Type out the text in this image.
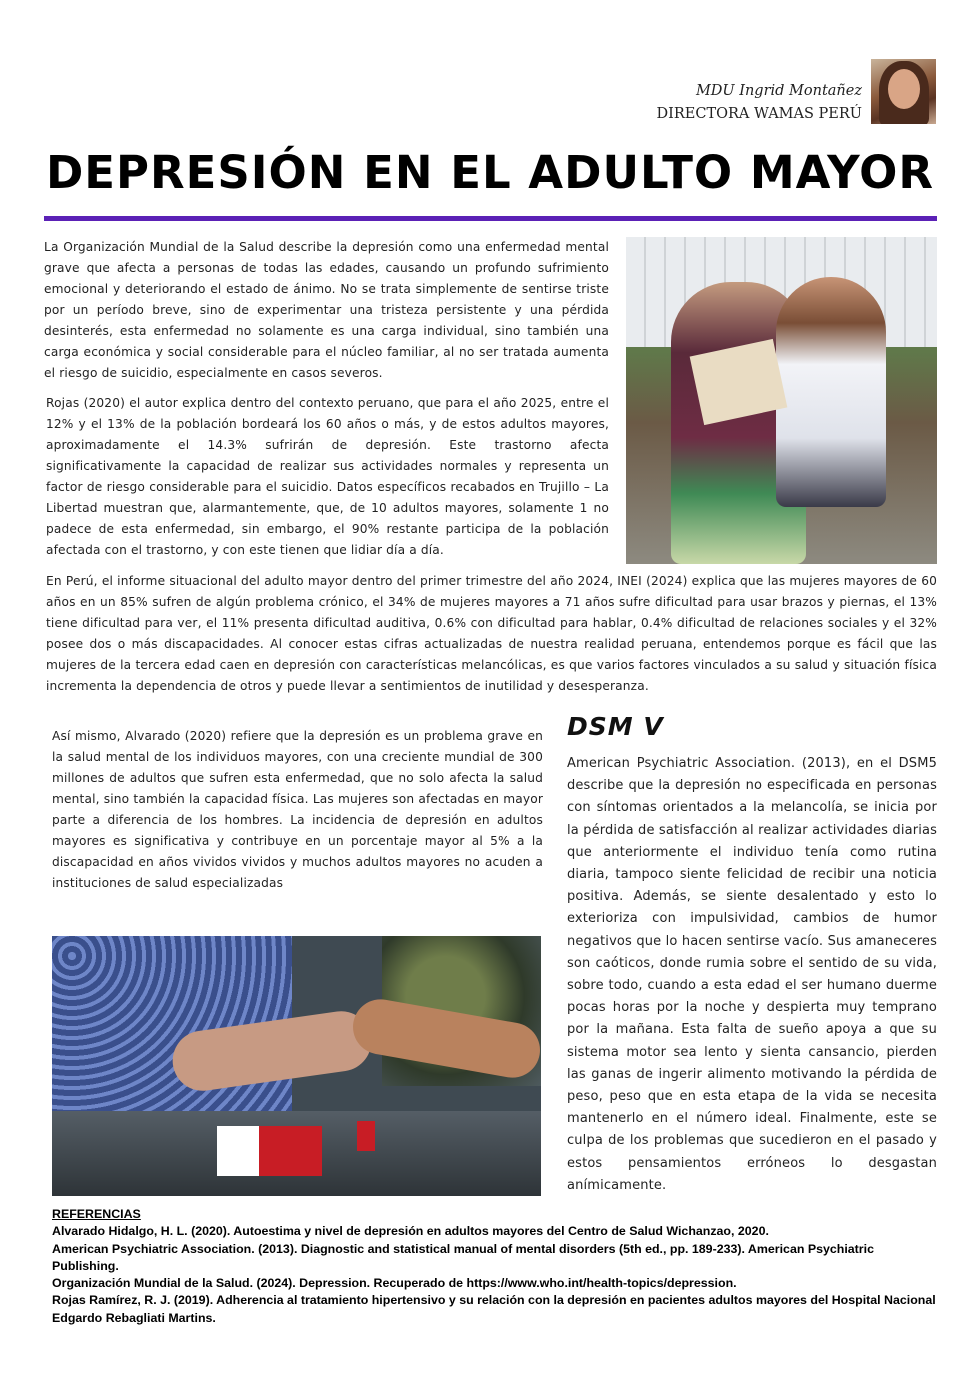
MDU Ingrid Montañez
DIRECTORA WAMAS PERÚ
DEPRESIÓN EN EL ADULTO MAYOR

La Organización Mundial de la Salud describe la depresión como una enfermedad mental grave que afecta a personas de todas las edades, causando un profundo sufrimiento emocional y deteriorando el estado de ánimo. No se trata simplemente de sentirse triste por un período breve, sino de experimentar una tristeza persistente y una pérdida desinterés, esta enfermedad no solamente es una carga individual, sino también una carga económica y social considerable para el núcleo familiar, al no ser tratada aumenta el riesgo de suicidio, especialmente en casos severos.

Rojas (2020) el autor explica dentro del contexto peruano, que para el año 2025, entre el 12% y el 13% de la población bordeará los 60 años o más, y de estos adultos mayores, aproximadamente el 14.3% sufrirán de depresión. Este trastorno afecta significativamente la capacidad de realizar sus actividades normales y representa un factor de riesgo considerable para el suicidio. Datos específicos recabados en Trujillo – La Libertad muestran que, alarmantemente, que, de 10 adultos mayores, solamente 1 no padece de esta enfermedad, sin embargo, el 90% restante participa de la población afectada con el trastorno, y con este tienen que lidiar día a día.

En Perú, el informe situacional del adulto mayor dentro del primer trimestre del año 2024, INEI (2024) explica que las mujeres mayores de 60 años en un 85% sufren de algún problema crónico, el 34% de mujeres mayores a 71 años sufre dificultad para usar brazos y piernas, el 13% tiene dificultad para ver, el 11% presenta dificultad auditiva, 0.6% con dificultad para hablar, 0.4% dificultad de relaciones sociales y el 32% posee dos o más discapacidades. Al conocer estas cifras actualizadas de nuestra realidad peruana, entendemos porque es fácil que las mujeres de la tercera edad caen en depresión con características melancólicas, es que varios factores vinculados a su salud y situación física incrementa la dependencia de otros y puede llevar a sentimientos de inutilidad y desesperanza.

Así mismo, Alvarado (2020) refiere que la depresión es un problema grave en la salud mental de los individuos mayores, con una creciente mundial de 300 millones de adultos que sufren esta enfermedad, que no solo afecta la salud mental, sino también la capacidad física. Las mujeres son afectadas en mayor parte a diferencia de los hombres. La incidencia de depresión en adultos mayores es significativa y contribuye en un porcentaje mayor al 5% a la discapacidad en años vividos vividos y muchos adultos mayores no acuden a instituciones de salud especializadas

DSM V

American Psychiatric Association. (2013), en el DSM5 describe que la depresión no especificada en personas con síntomas orientados a la melancolía, se inicia por la pérdida de satisfacción al realizar actividades diarias que anteriormente el individuo tenía como rutina diaria, tampoco siente felicidad de recibir una noticia positiva. Además, se siente desalentado y esto lo exterioriza con impulsividad, cambios de humor negativos que lo hacen sentirse vacío. Sus amaneceres son caóticos, donde rumia sobre el sentido de su vida, sobre todo, cuando a esta edad el ser humano duerme pocas horas por la noche y despierta muy temprano por la mañana. Esta falta de sueño apoya a que su sistema motor sea lento y sienta cansancio, pierden las ganas de ingerir alimento motivando la pérdida de peso, peso que en esta etapa de la vida se necesita mantenerlo en el número ideal. Finalmente, este se culpa de los problemas que sucedieron en el pasado y estos pensamientos erróneos lo desgastan anímicamente.

REFERENCIAS
Alvarado Hidalgo, H. L. (2020). Autoestima y nivel de depresión en adultos mayores del Centro de Salud Wichanzao, 2020.
American Psychiatric Association. (2013). Diagnostic and statistical manual of mental disorders (5th ed., pp. 189-233). American Psychiatric Publishing.
Organización Mundial de la Salud. (2024). Depression. Recuperado de https://www.who.int/health-topics/depression.
Rojas Ramírez, R. J. (2019). Adherencia al tratamiento hipertensivo y su relación con la depresión en pacientes adultos mayores del Hospital Nacional Edgardo Rebagliati Martins.
